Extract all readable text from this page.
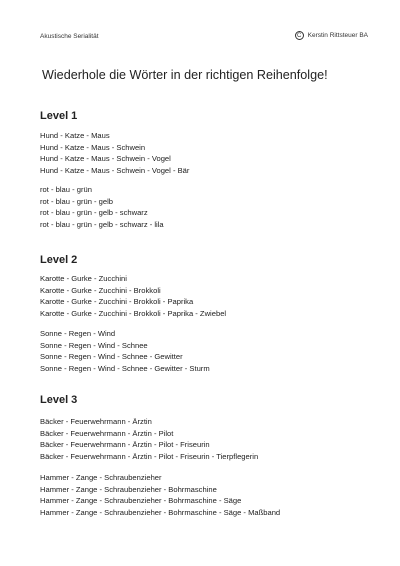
Akustische Serialität	C Kerstin Rittsteuer BA
Wiederhole die Wörter in der richtigen Reihenfolge!
Level 1
Hund - Katze - Maus
Hund - Katze - Maus - Schwein
Hund - Katze - Maus - Schwein - Vogel
Hund - Katze - Maus - Schwein - Vogel - Bär
rot - blau - grün
rot - blau - grün - gelb
rot - blau - grün - gelb - schwarz
rot - blau - grün - gelb - schwarz - lila
Level 2
Karotte - Gurke - Zucchini
Karotte - Gurke - Zucchini - Brokkoli
Karotte - Gurke - Zucchini - Brokkoli - Paprika
Karotte - Gurke - Zucchini - Brokkoli - Paprika - Zwiebel
Sonne - Regen - Wind
Sonne - Regen - Wind - Schnee
Sonne - Regen - Wind - Schnee - Gewitter
Sonne - Regen - Wind - Schnee - Gewitter - Sturm
Level 3
Bäcker - Feuerwehrmann - Ärztin
Bäcker - Feuerwehrmann - Ärztin - Pilot
Bäcker - Feuerwehrmann - Ärztin - Pilot - Friseurin
Bäcker - Feuerwehrmann - Ärztin - Pilot - Friseurin - Tierpflegerin
Hammer - Zange - Schraubenzieher
Hammer - Zange - Schraubenzieher - Bohrmaschine
Hammer - Zange - Schraubenzieher - Bohrmaschine - Säge
Hammer - Zange - Schraubenzieher - Bohrmaschine - Säge - Maßband
